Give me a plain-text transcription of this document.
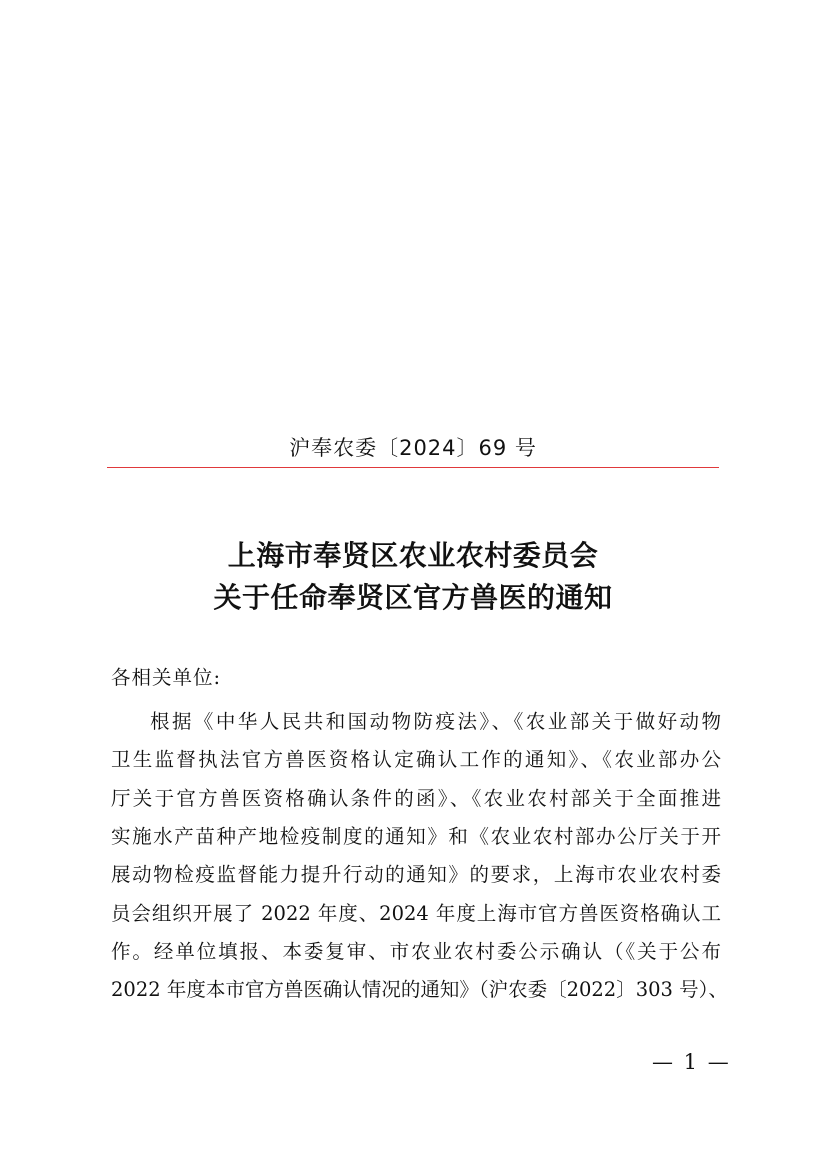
沪奉农委〔2024〕69 号
上海市奉贤区农业农村委员会
关于任命奉贤区官方兽医的通知
各相关单位:
根据《中华人民共和国动物防疫法》、《农业部关于做好动物
卫生监督执法官方兽医资格认定确认工作的通知》、《农业部办公
厅关于官方兽医资格确认条件的函》、《农业农村部关于全面推进
实施水产苗种产地检疫制度的通知》和《农业农村部办公厅关于开
展动物检疫监督能力提升行动的通知》的要求，上海市农业农村委
员会组织开展了 2022 年度、2024 年度上海市官方兽医资格确认工
作。经单位填报、本委复审、市农业农村委公示确认（《关于公布
2022 年度本市官方兽医确认情况的通知》（沪农委〔2022〕303 号）、
— 1 —
